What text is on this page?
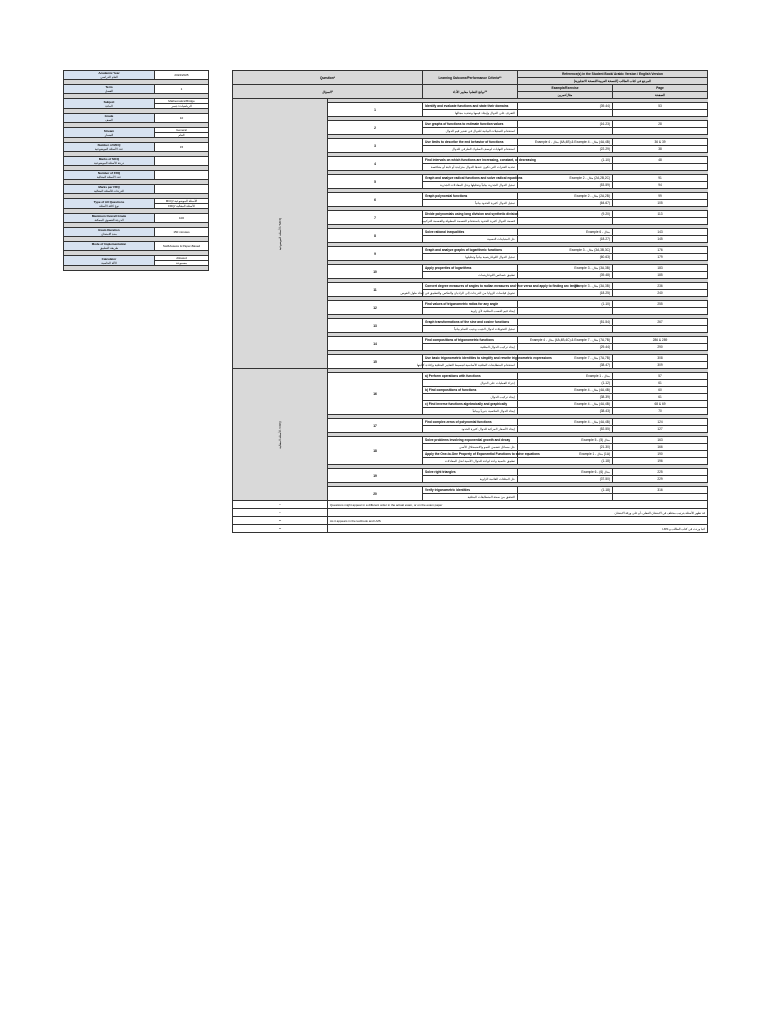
Academic Year
العام الدراسي	2024/2025

Term
الفصل	1

Subject
المادة	Mathematics/Bridge
	الرياضيات/ جسر

Grade
الصف	10

Stream
المسار	General
	العام

Number of MCQ
عدد الأسئلة الموضوعية	15

Marks of MCQ
درجة الأسئلة الموضوعية	

Number of FRQ
عدد الأسئلة المقالية	

Marks per FRQ
الدرجات للأسئلة المقالية	

Type of All Questions
نوع كافة الأسئلة	MCQ/ الأسئلة الموضوعية
	FRQ/ الأسئلة المقالية

Maximum Overall Grade
الدرجة القصوى الممكنة	100

Exam Duration
مدة الامتحان	150 minutes

Mode of Implementation
طريقة التطبيق	SwiftAssess & Paper-Based

Calculator
الآلة الحاسبة	Allowed
	مسموحة

Question*		Learning Outcome/Performance Criteria**	Reference(s) in the Student Book/ Arabic Version / English Version	
			المرجع في كتاب الطالب (النسخة العربية/النسخة الانجليزية)	
السؤال*		نواتج التعلم/ معايير الأداء**	Example/Exercise	Page
			مثال/تمرين	الصفحة
الأسئلة الموضوعية / MCQ				
	1	Identify and evaluate functions and state their domains	(39-44)	53
		التعرف على الدوال وإيجاد قيمها وتحديد مجالها		

	2	Use graphs of functions to estimate function values	(16-23)	28
		استخدام التمثيلات البيانية للدوال في تقدير قيم الدوال		

	3	Use limits to describe the end behavior of functions	Example 4 - مثال (4A,4B) & Example 4 - مثال (4A,4B)	36 & 39
		استخدام النهايات لوصف السلوك الطرفي للدوال	(22-29)	38

	4	Find intervals on which functions are increasing, constant, or decreasing	(1-10)	48
		تحديد الفترات التي تكون عندها الدوال متزايدة أو ثابتة أو متناقصة		

	5	Graph and analyze radical functions and solve radical equations	Example 2 - مثال (2A,2B,2C)	91
		تمثيل الدوال الجذرية بيانياً وتحليلها وحل المعادلات الجذرية	(53-59)	94

	6	Graph polynomial functions	Example 2 - مثال (2A,2B)	99
		تمثيل الدوال كثيرة الحدود بيانياً	(64-67)	105

	7	Divide polynomials using long division and synthetic division	(9-20)	113
		قسمة الدوال كثيرة الحدود باستخدام القسمة المطولة والقسمة التركيبية		

	8	Solve rational inequalities	Example 6 - مثال	143
		حل المتباينات النسبية	(18-27)	145

	9	Graph and analyze graphs of logarithmic functions	Example 3 - مثال (3A,3B,3C)	176
		تمثيل الدوال اللوغاريتمية بيانياً وتحليلها	(60-63)	179

	10	Apply properties of logarithms	Example 3 - مثال (3A,3B)	183
		تطبيق خصائص اللوغاريتمات	(39-48)	185

	11	Convert degree measures of angles to radian measures and vice versa and apply to finding arc length	Example 3 - مثال (3A,3B)	236
		تحويل قياسات الزوايا من الدرجات إلى الراديان والعكس والتطبيق في إيجاد طول القوس	(18-25)	240

	12	Find values of trigonometric ratios for any angle	(1-10)	255
		إيجاد قيم النسب المثلثية لأي زاوية		

	13	Graph transformations of the sine and cosine functions	(51-54)	267
		تمثيل التحويلات لدوال الجيب وجيب التمام بيانياً		

	14	Find compositions of trigonometric functions	Example 4 - مثال (4A,4B,4C) & Example 7 - مثال (7A,7B)	286 & 289
		إيجاد تركيب الدوال المثلثية	(29-44)	290

	15	Use basic trigonometric identities to simplify and rewrite trigonometric expressions	Example 7 - مثال (7A,7B)	308
		استخدام المتطابقات المثلثية الأساسية لتبسيط التعابير المثلثية وإعادة كتابتها	(38-47)	309
الأسئلة المقالية / FRQ				
	16	a) Perform operations with functions	Example 1 - مثال	57
		إجراء العمليات على الدوال	(1-12)	61
		b) Find compositions of functions	Example 4 - مثال (4A,4B)	60
		إيجاد تركيب الدوال	(38-39)	61
		c) Find inverse functions algebraically and graphically	Example 4 - مثال (4A,4B)	68 & 69
		إيجاد الدوال العكسية جبرياً وبيانياً	(38-43)	70

	17	Find complex zeros of polynomial functions	Example 4 - مثال (4A,4B)	124
		إيجاد الأصفار المركبة للدوال كثيرة الحدود	(52-55)	127

	18	Solve problems involving exponential growth and decay	Example 5 - مثال (5)	163
		حل مسائل تتضمن النمو والاضمحلال الأسي	(21-30)	166
		Apply the One-to-One Property of Exponential Functions to solve equations	Example 1 - مثال (1A)	190
		تطبيق خاصية واحد لواحد للدوال الأسية لحل المعادلات	(1-18)	196

	19	Solve right triangles	Example 6 - مثال (6)	225
		حل المثلثات القائمة الزاوية	(37-50)	229

	20	Verify trigonometric identities	(1-18)	316
		التحقق من صحة المتطابقات المثلثية		
*	Questions might appear in a different order in the actual exam, or on the exam paper			
*	قد تظهر الأسئلة بترتيب مختلف في الامتحان الفعلي، أو على ورقة الامتحان			
**	As it appears in the textbook and LMS			
**	كما وردت في كتاب الطالب و LMS			
